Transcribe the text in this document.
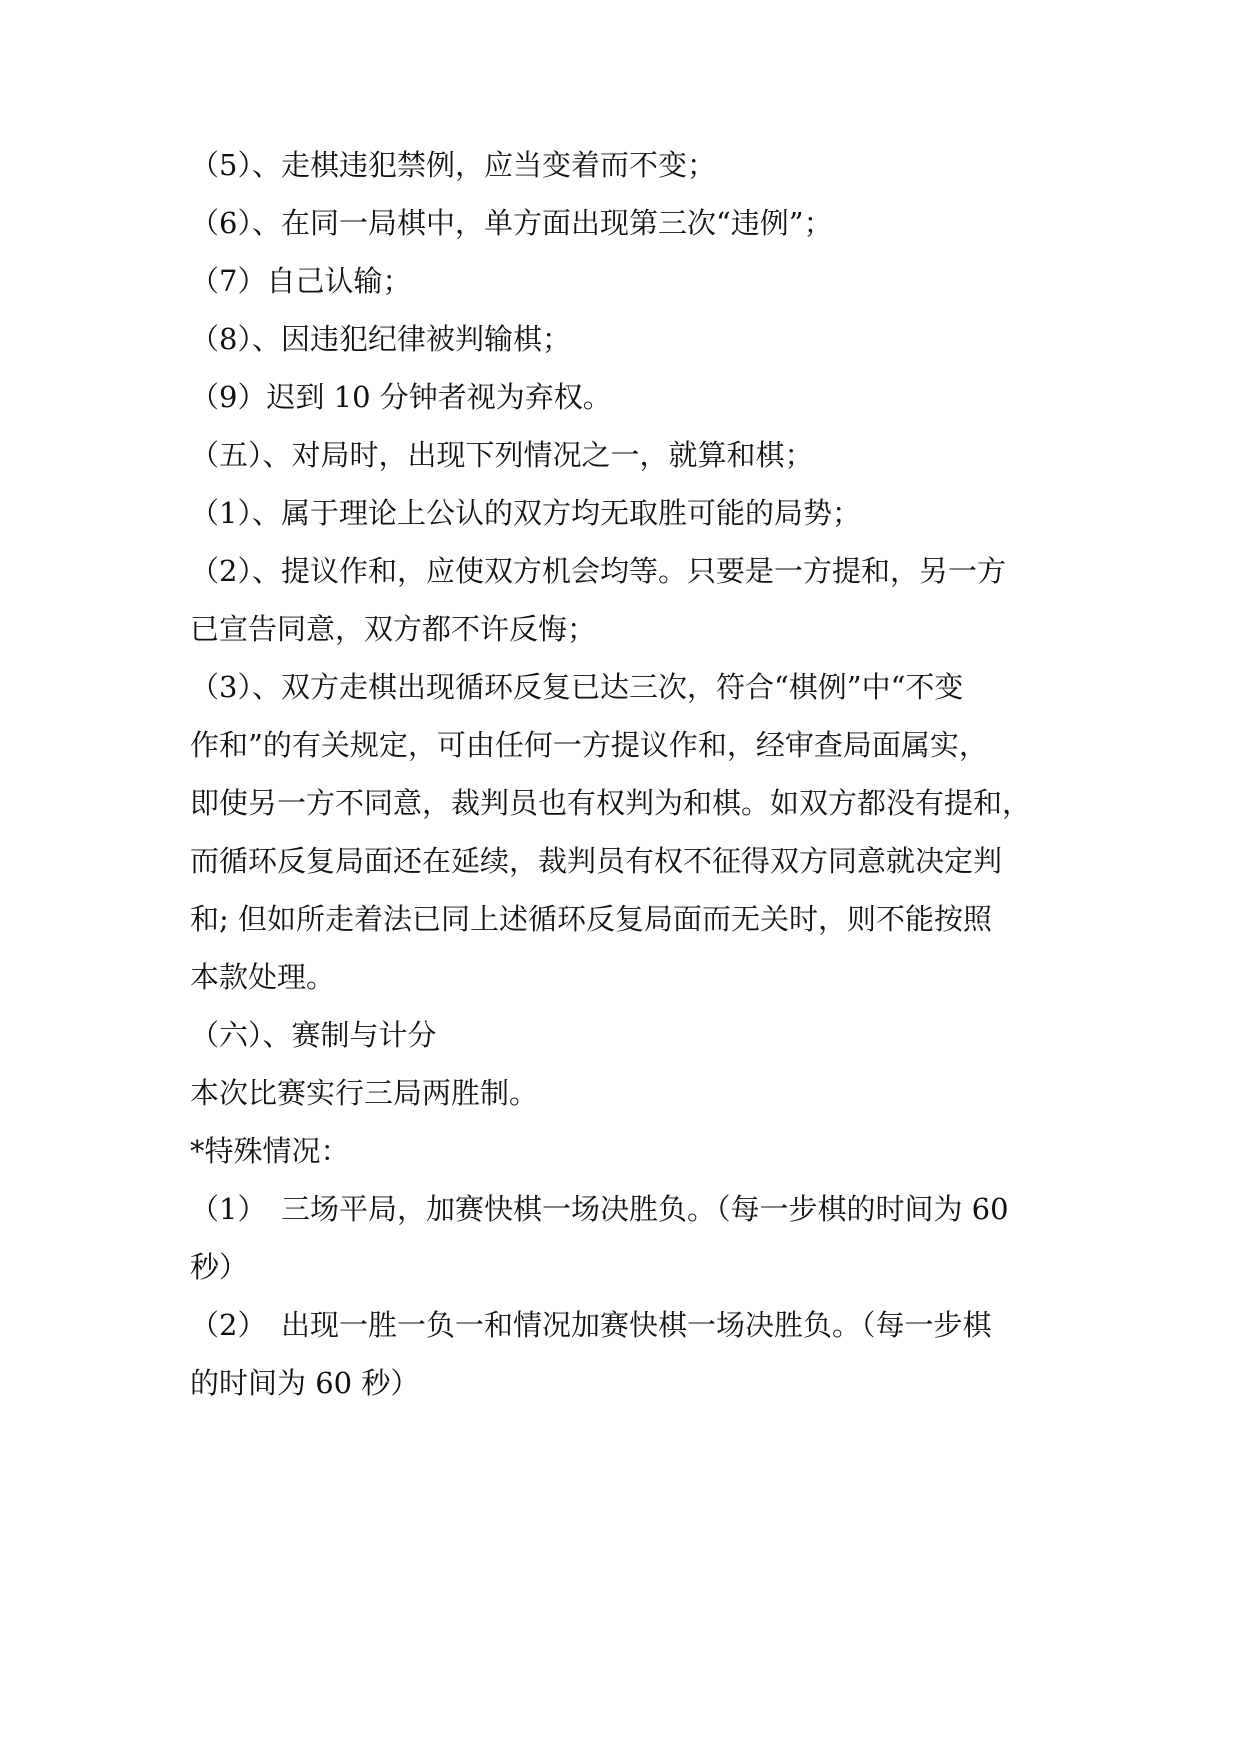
（5）、走棋违犯禁例，应当变着而不变；
（6）、在同一局棋中，单方面出现第三次“违例”；
（7）自己认输；
（8）、因违犯纪律被判输棋；
（9）迟到 10 分钟者视为弃权。
（五）、对局时，出现下列情况之一，就算和棋；
（1）、属于理论上公认的双方均无取胜可能的局势；
（2）、提议作和，应使双方机会均等。只要是一方提和，另一方
已宣告同意，双方都不许反悔；
（3）、双方走棋出现循环反复已达三次，符合“棋例”中“不变
作和”的有关规定，可由任何一方提议作和，经审查局面属实，
即使另一方不同意，裁判员也有权判为和棋。如双方都没有提和，
而循环反复局面还在延续，裁判员有权不征得双方同意就决定判
和; 但如所走着法已同上述循环反复局面而无关时，则不能按照
本款处理。
（六）、赛制与计分
本次比赛实行三局两胜制。
*特殊情况：
（1）　三场平局，加赛快棋一场决胜负。（每一步棋的时间为 60
秒）
（2）　出现一胜一负一和情况加赛快棋一场决胜负。（每一步棋
的时间为 60 秒）
